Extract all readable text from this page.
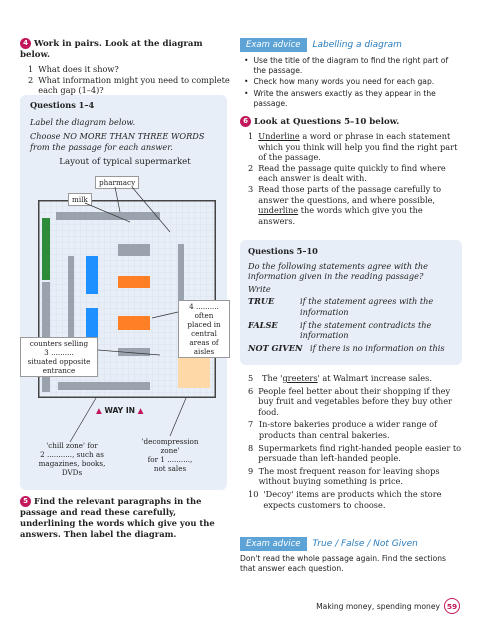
4 Work in pairs. Look at the diagram below.
1 What does it show?
2 What information might you need to complete each gap (1–4)?
Questions 1–4
Label the diagram below.
Choose NO MORE THAN THREE WORDS from the passage for each answer.
Layout of typical supermarket
pharmacy
milk
4 ..........
often placed in central areas of aisles
counters selling
3 ..........
situated opposite entrance
▲ WAY IN ▲
'chill zone' for
2 ..........., such as
magazines, books, DVDs
'decompression zone'
for 1 ..........,
not sales
5 Find the relevant paragraphs in the passage and read these carefully, underlining the words which give you the answers. Then label the diagram.
Exam advice	Labelling a diagram
• Use the title of the diagram to find the right part of the passage.
• Check how many words you need for each gap.
• Write the answers exactly as they appear in the passage.
6 Look at Questions 5–10 below.
1 Underline a word or phrase in each statement which you think will help you find the right part of the passage.
2 Read the passage quite quickly to find where each answer is dealt with.
3 Read those parts of the passage carefully to answer the questions, and where possible, underline the words which give you the answers.
Questions 5–10
Do the following statements agree with the information given in the reading passage?
Write
TRUE	if the statement agrees with the information
FALSE	if the statement contradicts the information
NOT GIVEN if there is no information on this
5	The 'greeters' at Walmart increase sales.
6 People feel better about their shopping if they buy fruit and vegetables before they buy other food.
7 In-store bakeries produce a wider range of products than central bakeries.
8 Supermarkets find right-handed people easier to persuade than left-handed people.
9 The most frequent reason for leaving shops without buying something is price.
10 'Decoy' items are products which the store expects customers to choose.
Exam advice	True / False / Not Given
Don't read the whole passage again. Find the sections that answer each question.
Making money, spending money 59
